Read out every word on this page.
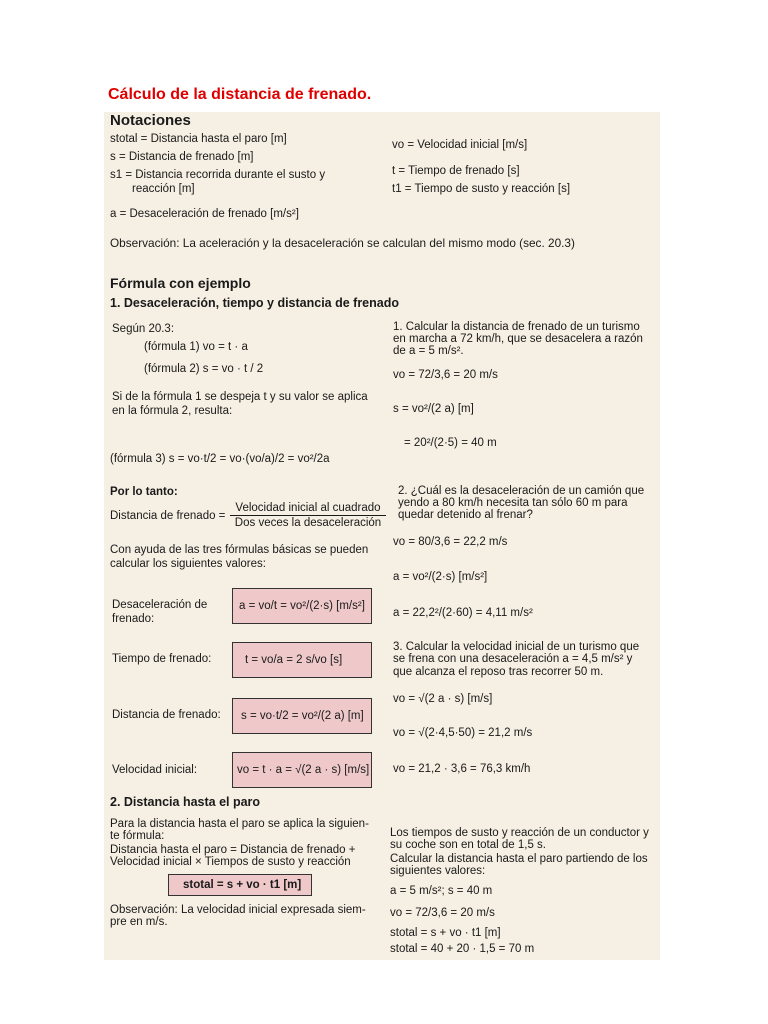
Cálculo de la distancia de frenado.
Notaciones
stotal = Distancia hasta el paro [m]
s = Distancia de frenado [m]
s1 = Distancia recorrida durante el susto y
reacción [m]
a = Desaceleración de frenado [m/s²]
vo = Velocidad inicial [m/s]
t = Tiempo de frenado [s]
t1 = Tiempo de susto y reacción [s]
Observación: La aceleración y la desaceleración se calculan del mismo modo (sec. 20.3)
Fórmula con ejemplo
1. Desaceleración, tiempo y distancia de frenado
Según 20.3:
(fórmula 1) vo = t · a
(fórmula 2) s = vo · t / 2
Si de la fórmula 1 se despeja t y su valor se aplica
en la fórmula 2, resulta:
(fórmula 3) s = vo·t/2 = vo·(vo/a)/2 = vo²/2a
Por lo tanto:
Distancia de frenado =
Velocidad inicial al cuadrado
Dos veces la desaceleración
Con ayuda de las tres fórmulas básicas se pueden
calcular los siguientes valores:
Desaceleración de frenado:
a = vo/t = vo²/(2·s) [m/s²]
Tiempo de frenado:	t = vo/a = 2 s/vo [s]
Distancia de frenado: s = vo·t/2 = vo²/(2 a) [m]
Velocidad inicial:	vo = t · a = √(2 a · s) [m/s]
1. Calcular la distancia de frenado de un turismo
en marcha a 72 km/h, que se desacelera a razón
de a = 5 m/s².
vo = 72/3,6 = 20 m/s
s = vo²/(2 a) [m]
= 20²/(2·5) = 40 m
2. ¿Cuál es la desaceleración de un camión que
yendo a 80 km/h necesita tan sólo 60 m para
quedar detenido al frenar?
vo = 80/3,6 = 22,2 m/s
a = vo²/(2·s) [m/s²]
a = 22,2²/(2·60) = 4,11 m/s²
3. Calcular la velocidad inicial de un turismo que
se frena con una desaceleración a = 4,5 m/s² y
que alcanza el reposo tras recorrer 50 m.
vo = √(2 a · s) [m/s]
vo = √(2·4,5·50) = 21,2 m/s
vo = 21,2 · 3,6 = 76,3 km/h
2. Distancia hasta el paro
Para la distancia hasta el paro se aplica la siguien-
te fórmula:
Distancia hasta el paro = Distancia de frenado +
Velocidad inicial × Tiempos de susto y reacción
stotal = s + vo · t1 [m]
Observación: La velocidad inicial expresada siem-
pre en m/s.
Los tiempos de susto y reacción de un conductor y
su coche son en total de 1,5 s.
Calcular la distancia hasta el paro partiendo de los
siguientes valores:
a = 5 m/s²; s = 40 m
vo = 72/3,6 = 20 m/s
stotal = s + vo · t1 [m]
stotal = 40 + 20 · 1,5 = 70 m
